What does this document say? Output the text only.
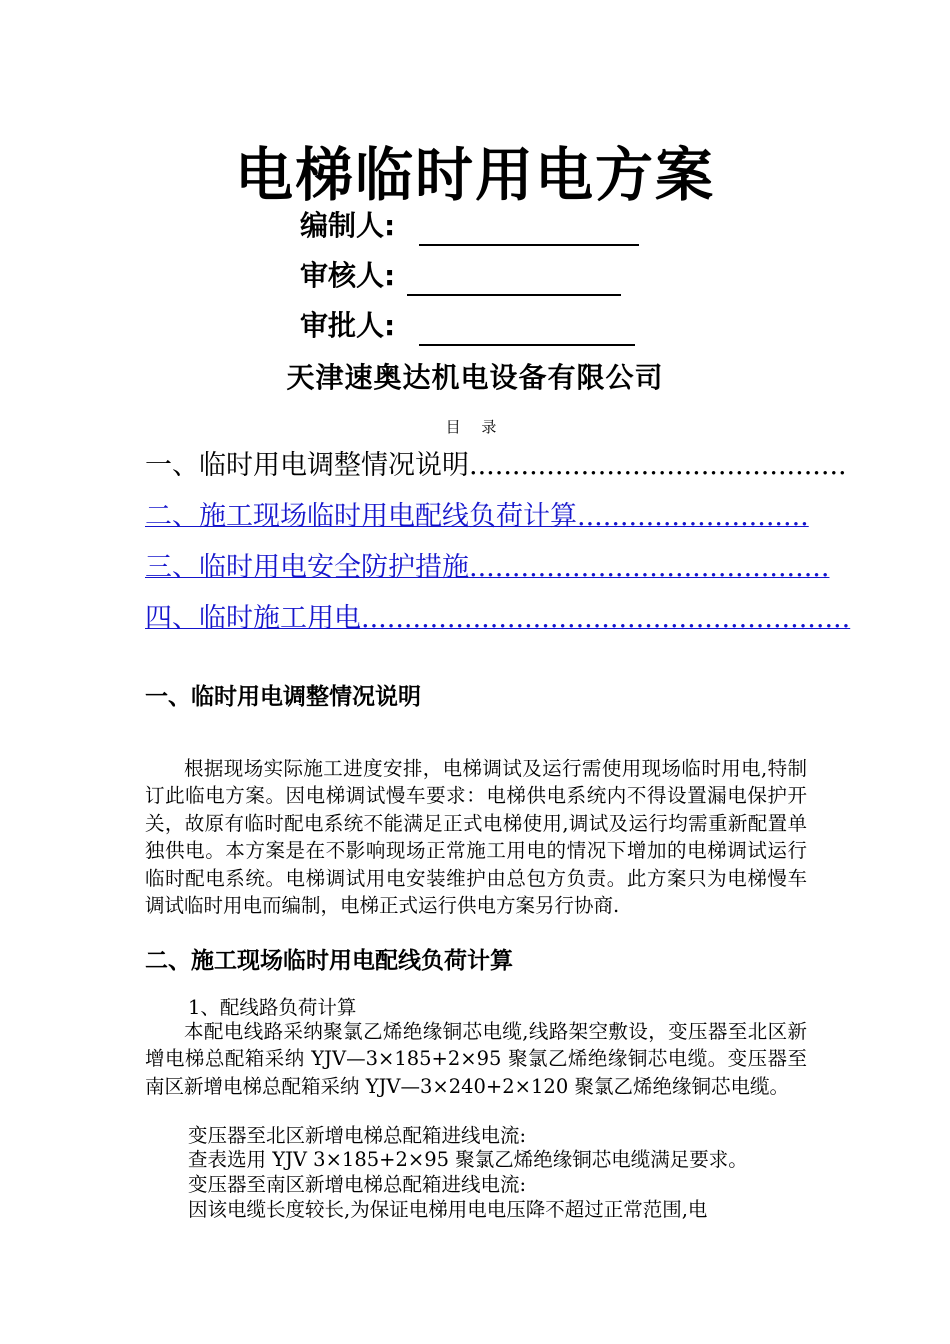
电梯临时用电方案
编制人:
审核人:
审批人:
天津速奥达机电设备有限公司
目 录
一、临时用电调整情况说明............................................
二、施工现场临时用电配线负荷计算...........................
三、临时用电安全防护措施..........................................
四、临时施工用电.........................................................
一、临时用电调整情况说明
根据现场实际施工进度安排，电梯调试及运行需使用现场临时用电,特制订此临电方案。因电梯调试慢车要求：电梯供电系统内不得设置漏电保护开关，故原有临时配电系统不能满足正式电梯使用,调试及运行均需重新配置单独供电。本方案是在不影响现场正常施工用电的情况下增加的电梯调试运行临时配电系统。电梯调试用电安装维护由总包方负责。此方案只为电梯慢车调试临时用电而编制，电梯正式运行供电方案另行协商.
二、施工现场临时用电配线负荷计算
1、配线路负荷计算
本配电线路采纳聚氯乙烯绝缘铜芯电缆,线路架空敷设，变压器至北区新增电梯总配箱采纳 YJV—3×185+2×95 聚氯乙烯绝缘铜芯电缆。变压器至南区新增电梯总配箱采纳 YJV—3×240+2×120 聚氯乙烯绝缘铜芯电缆。
变压器至北区新增电梯总配箱进线电流:
查表选用 YJV 3×185+2×95 聚氯乙烯绝缘铜芯电缆满足要求。
变压器至南区新增电梯总配箱进线电流:
因该电缆长度较长,为保证电梯用电电压降不超过正常范围,电
